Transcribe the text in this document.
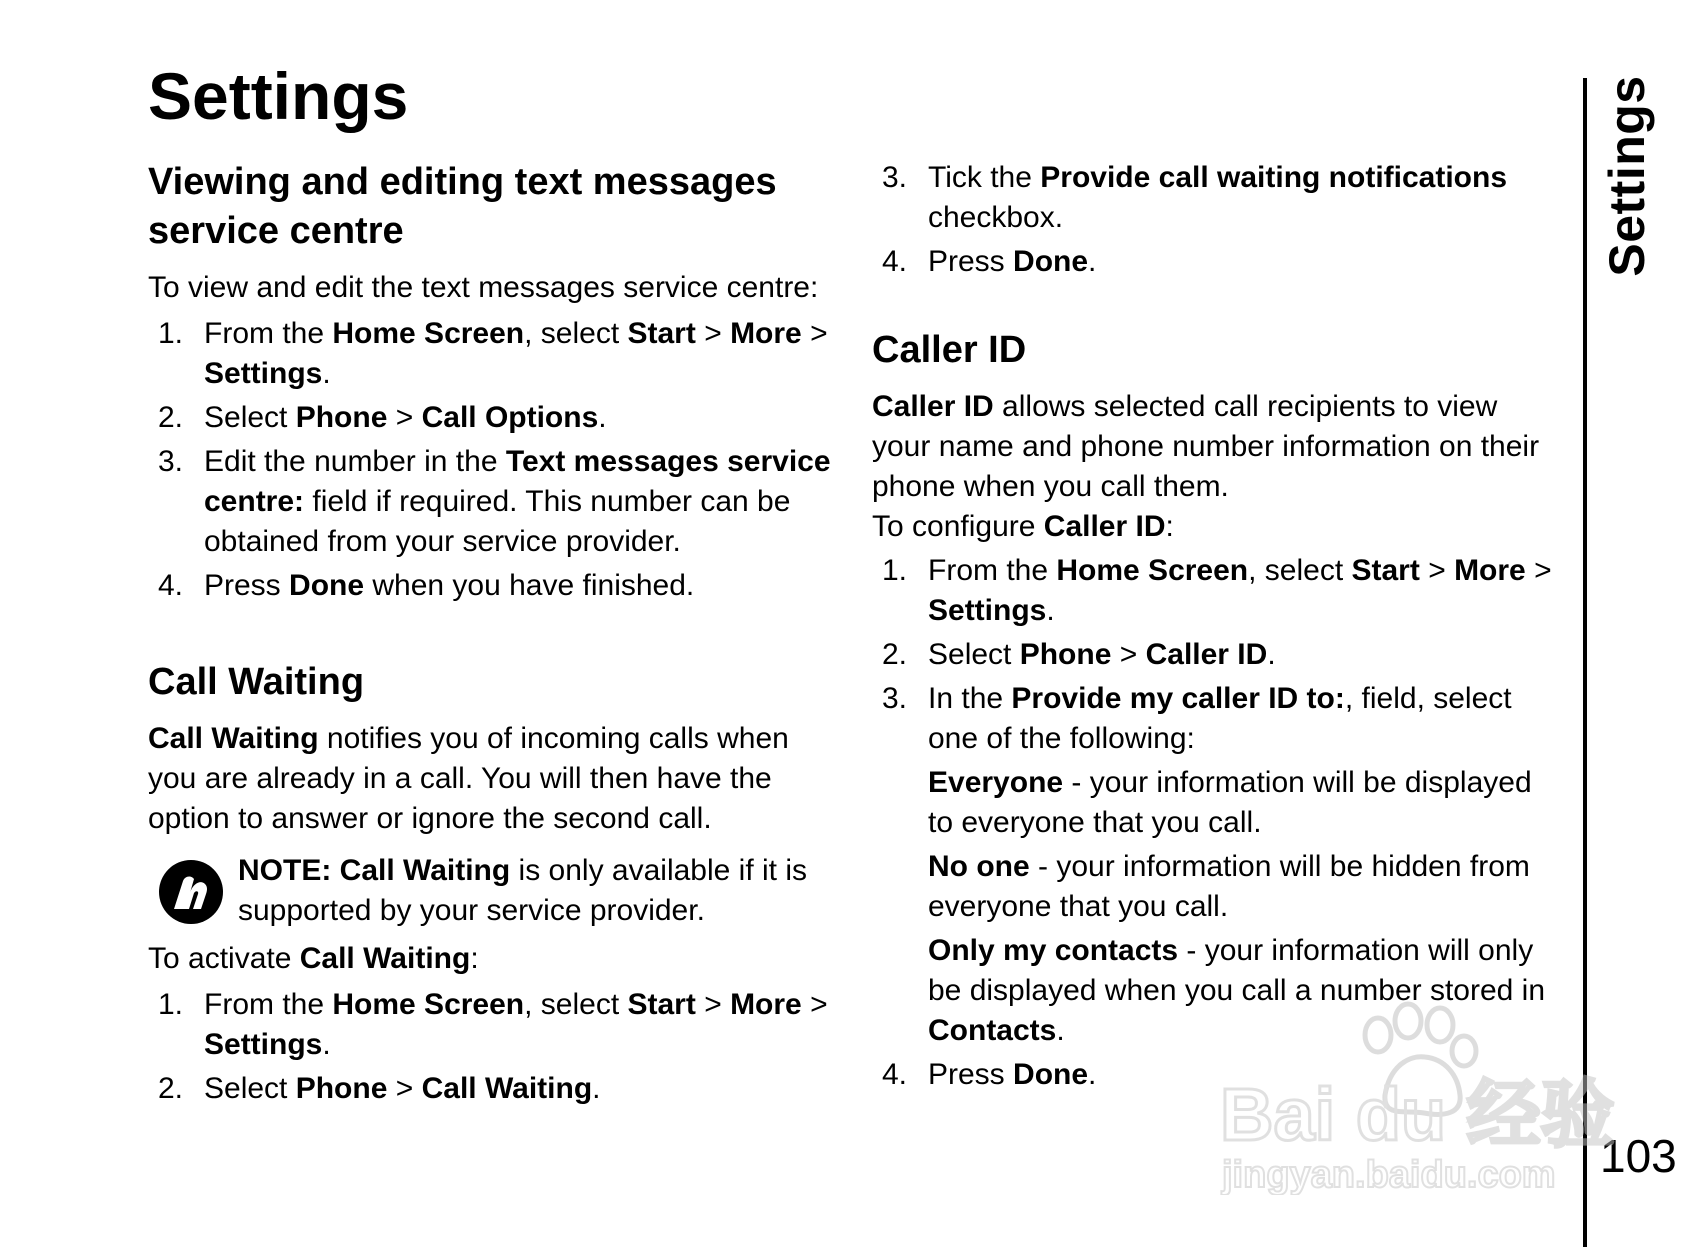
Settings
Viewing and editing text messages service centre

To view and edit the text messages service centre:

1. From the Home Screen, select Start > More > Settings.
2. Select Phone > Call Options.
3. Edit the number in the Text messages service centre: field if required. This number can be obtained from your service provider.
4. Press Done when you have finished.
Call Waiting

Call Waiting notifies you of incoming calls when you are already in a call. You will then have the option to answer or ignore the second call.

NOTE: Call Waiting is only available if it is supported by your service provider.

To activate Call Waiting:

1. From the Home Screen, select Start > More > Settings.
2. Select Phone > Call Waiting.
3. Tick the Provide call waiting notifications checkbox.
4. Press Done.
Caller ID

Caller ID allows selected call recipients to view your name and phone number information on their phone when you call them.

To configure Caller ID:

1. From the Home Screen, select Start > More > Settings.
2. Select Phone > Caller ID.
3. In the Provide my caller ID to:, field, select one of the following:

Everyone - your information will be displayed to everyone that you call.

No one - your information will be hidden from everyone that you call.

Only my contacts - your information will only be displayed when you call a number stored in Contacts.

4. Press Done.
Settings
103
Bai du 经验
jingyan.baidu.com
